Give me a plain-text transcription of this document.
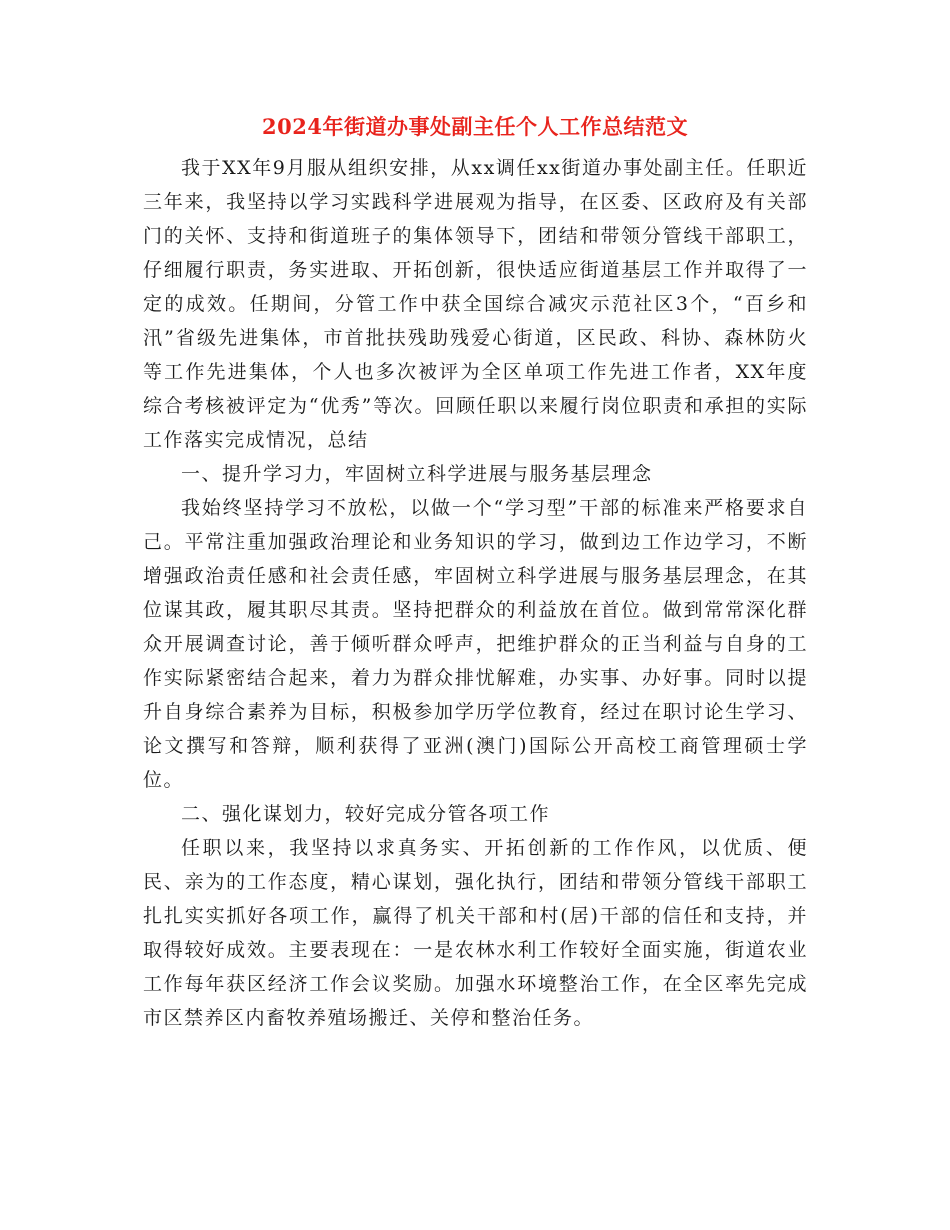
2024年街道办事处副主任个人工作总结范文

我于XX年9月服从组织安排，从xx调任xx街道办事处副主任。任职近三年来，我坚持以学习实践科学进展观为指导，在区委、区政府及有关部门的关怀、支持和街道班子的集体领导下，团结和带领分管线干部职工，仔细履行职责，务实进取、开拓创新，很快适应街道基层工作并取得了一定的成效。任期间，分管工作中获全国综合减灾示范社区3个，“百乡和汛”省级先进集体，市首批扶残助残爱心街道，区民政、科协、森林防火等工作先进集体，个人也多次被评为全区单项工作先进工作者，XX年度综合考核被评定为“优秀”等次。回顾任职以来履行岗位职责和承担的实际工作落实完成情况，总结

一、提升学习力，牢固树立科学进展与服务基层理念

我始终坚持学习不放松，以做一个“学习型”干部的标准来严格要求自己。平常注重加强政治理论和业务知识的学习，做到边工作边学习，不断增强政治责任感和社会责任感，牢固树立科学进展与服务基层理念，在其位谋其政，履其职尽其责。坚持把群众的利益放在首位。做到常常深化群众开展调查讨论，善于倾听群众呼声，把维护群众的正当利益与自身的工作实际紧密结合起来，着力为群众排忧解难，办实事、办好事。同时以提升自身综合素养为目标，积极参加学历学位教育，经过在职讨论生学习、论文撰写和答辩，顺利获得了亚洲(澳门)国际公开高校工商管理硕士学位。

二、强化谋划力，较好完成分管各项工作

任职以来，我坚持以求真务实、开拓创新的工作作风，以优质、便民、亲为的工作态度，精心谋划，强化执行，团结和带领分管线干部职工扎扎实实抓好各项工作，赢得了机关干部和村(居)干部的信任和支持，并取得较好成效。主要表现在：一是农林水利工作较好全面实施，街道农业工作每年获区经济工作会议奖励。加强水环境整治工作，在全区率先完成市区禁养区内畜牧养殖场搬迁、关停和整治任务。
